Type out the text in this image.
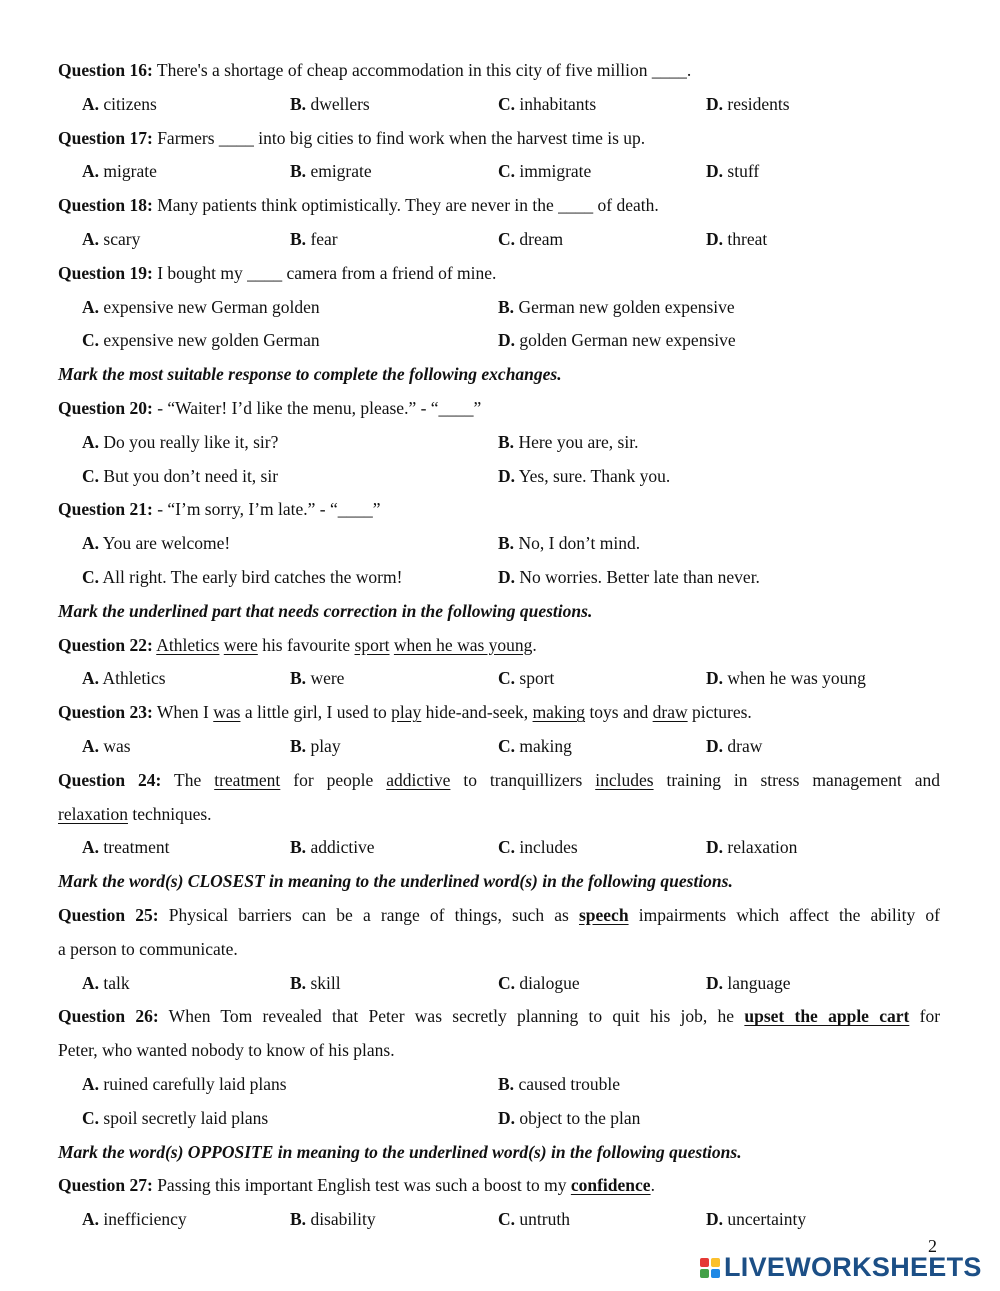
Question 16: There's a shortage of cheap accommodation in this city of five million ____.
A. citizens	B. dwellers	C. inhabitants	D. residents
Question 17: Farmers ____ into big cities to find work when the harvest time is up.
A. migrate	B. emigrate	C. immigrate	D. stuff
Question 18: Many patients think optimistically. They are never in the ____ of death.
A. scary	B. fear	C. dream	D. threat
Question 19: I bought my ____ camera from a friend of mine.
A. expensive new German golden	B. German new golden expensive
C. expensive new golden German	D. golden German new expensive
Mark the most suitable response to complete the following exchanges.
Question 20: - “Waiter! I’d like the menu, please.” - “____”
A. Do you really like it, sir?	B. Here you are, sir.
C. But you don’t need it, sir	D. Yes, sure. Thank you.
Question 21: - “I’m sorry, I’m late.” - “____”
A. You are welcome!	B. No, I don’t mind.
C. All right. The early bird catches the worm!	D. No worries. Better late than never.
Mark the underlined part that needs correction in the following questions.
Question 22: Athletics were his favourite sport when he was young.
A. Athletics	B. were	C. sport	D. when he was young
Question 23: When I was a little girl, I used to play hide-and-seek, making toys and draw pictures.
A. was	B. play	C. making	D. draw
Question 24: The treatment for people addictive to tranquillizers includes training in stress management and
relaxation techniques.
A. treatment	B. addictive	C. includes	D. relaxation
Mark the word(s) CLOSEST in meaning to the underlined word(s) in the following questions.
Question 25: Physical barriers can be a range of things, such as speech impairments which affect the ability of
a person to communicate.
A. talk	B. skill	C. dialogue	D. language
Question 26: When Tom revealed that Peter was secretly planning to quit his job, he upset the apple cart for
Peter, who wanted nobody to know of his plans.
A. ruined carefully laid plans	B. caused trouble
C. spoil secretly laid plans	D. object to the plan
Mark the word(s) OPPOSITE in meaning to the underlined word(s) in the following questions.
Question 27: Passing this important English test was such a boost to my confidence.
A. inefficiency	B. disability	C. untruth	D. uncertainty
2
LIVEWORKSHEETS
